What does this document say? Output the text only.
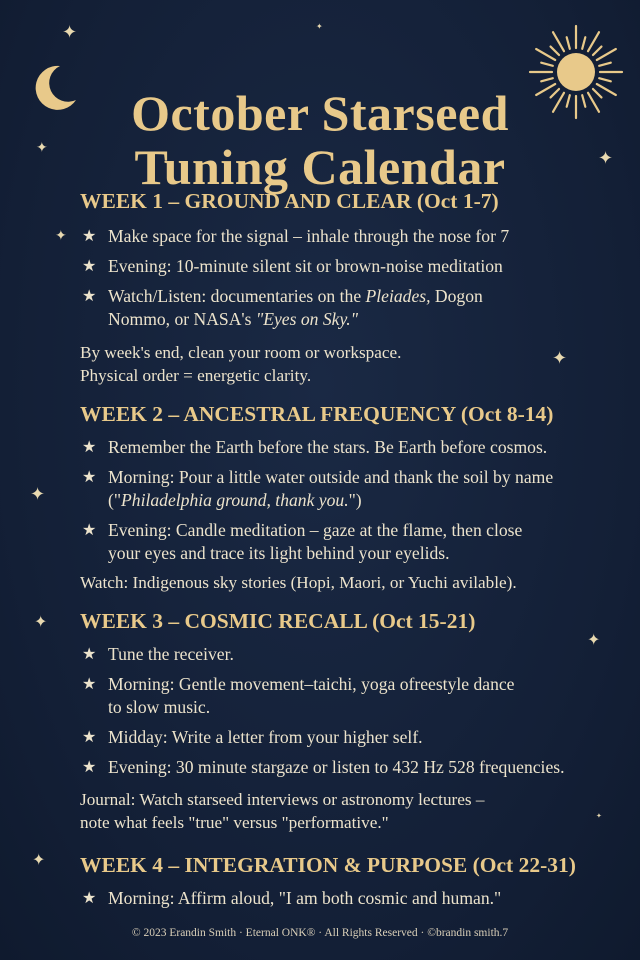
✦
✦	✦
✦
✦
✦
✦
✦
✦
✦
✦
October Starseed
Tuning Calendar
WEEK 1 – GROUND AND CLEAR (Oct 1-7)
★ Make space for the signal – inhale through the nose for 7
★ Evening: 10-minute silent sit or brown-noise meditation
★ Watch/Listen: documentaries on the Pleiades, Dogon
Nommo, or NASA's "Eyes on Sky."

By week's end, clean your room or workspace.

Physical order = energetic clarity.

WEEK 2 – ANCESTRAL FREQUENCY (Oct 8-14)
★ Remember the Earth before the stars. Be Earth before cosmos.
★ Morning: Pour a little water outside and thank the soil by name
("Philadelphia ground, thank you.")
★ Evening: Candle meditation – gaze at the flame, then close
your eyes and trace its light behind your eyelids.

Watch: Indigenous sky stories (Hopi, Maori, or Yuchi avilable).

WEEK 3 – COSMIC RECALL (Oct 15-21)
★ Tune the receiver.
★ Morning: Gentle movement–taichi, yoga ofreestyle dance
to slow music.
★ Midday: Write a letter from your higher self.
★ Evening: 30 minute stargaze or listen to 432 Hz 528 frequencies.

Journal: Watch starseed interviews or astronomy lectures –

note what feels "true" versus "performative."

WEEK 4 – INTEGRATION & PURPOSE (Oct 22-31)
★ Morning: Affirm aloud, "I am both cosmic and human."
© 2023 Erandin Smith · Eternal ONK® · All Rights Reserved · ©brandin smith.7
